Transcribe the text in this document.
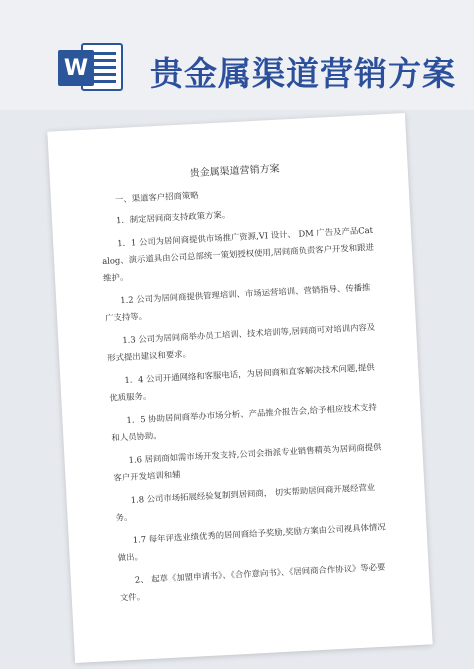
W 贵金属渠道营销方案
贵金属渠道营销方案

一、渠道客户招商策略

1．制定居间商支持政策方案。

1．1 公司为居间商提供市场推广资源,VI 设计、 DM 广告及产品Catalog、演示道具由公司总部统一策划授权使用,居间商负责客户开发和跟进维护。

1.2 公司为居间商提供管理培训、市场运营培训、营销指导、传播推广支持等。

1.3 公司为居间商举办员工培训、技术培训等,居间商可对培训内容及形式提出建议和要求。

1．4 公司开通网络和客服电话，为居间商和直客解决技术问题,提供优质服务。

1．5 协助居间商举办市场分析、产品推介报告会,给予相应技术支持和人员协助。

1.6 居间商如需市场开发支持,公司会指派专业销售精英为居间商提供客户开发培训和辅

1.8 公司市场拓展经验复制到居间商， 切实帮助居间商开展经营业务。

1.7 每年评选业绩优秀的居间商给予奖励,奖励方案由公司视具体情况做出。

2、 起草《加盟申请书》、《合作意向书》、《居间商合作协议》等必要文件。
